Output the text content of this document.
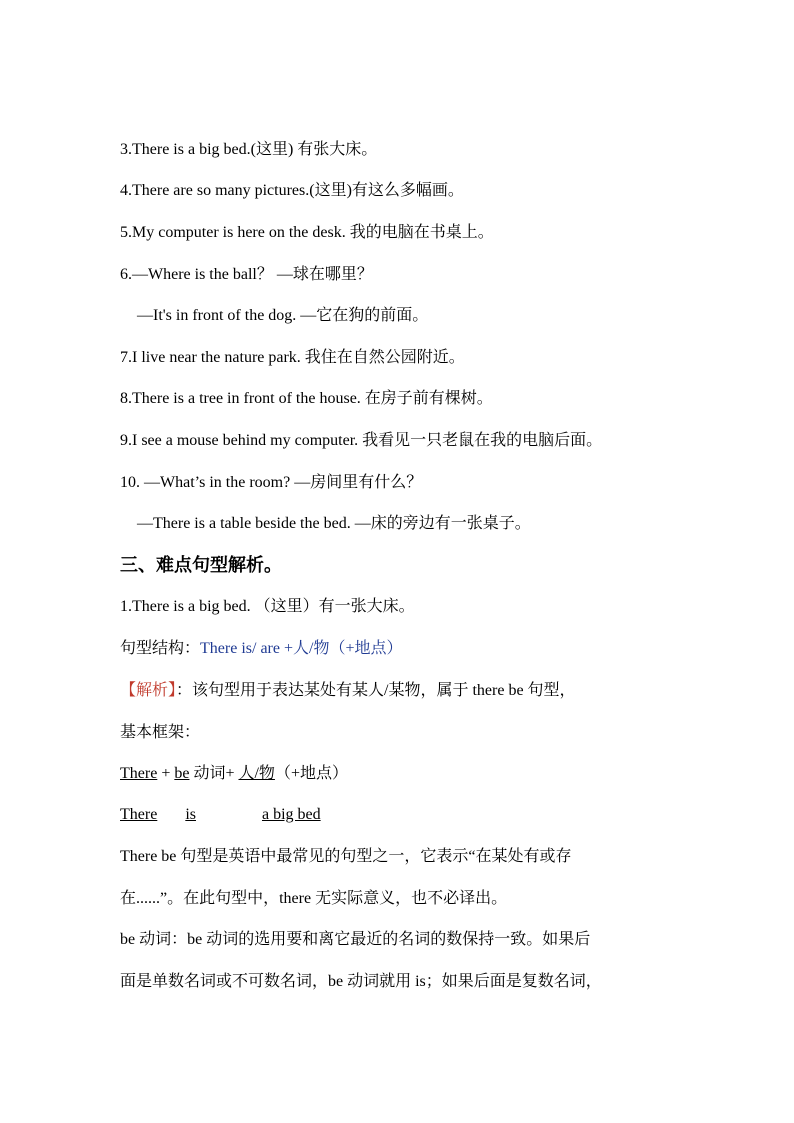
3.There is a big bed.(这里) 有张大床。
4.There are so many pictures.(这里)有这么多幅画。
5.My computer is here on the desk. 我的电脑在书桌上。
6.—Where is the ball？ —球在哪里？
—It's in front of the dog. —它在狗的前面。
7.I live near the nature park. 我住在自然公园附近。
8.There is a tree in front of the house. 在房子前有棵树。
9.I see a mouse behind my computer. 我看见一只老鼠在我的电脑后面。
10. —What’s in the room? —房间里有什么？
—There is a table beside the bed. —床的旁边有一张桌子。
三、难点句型解析。
1.There is a big bed. （这里）有一张大床。
句型结构：There is/ are +人/物（+地点）
【解析】：该句型用于表达某处有某人/某物，属于 there be 句型，
基本框架：
There + be 动词+ 人/物（+地点）
There is	a big bed
There be 句型是英语中最常见的句型之一，它表示“在某处有或存
在......”。在此句型中，there 无实际意义，也不必译出。
be 动词：be 动词的选用要和离它最近的名词的数保持一致。如果后
面是单数名词或不可数名词，be 动词就用 is；如果后面是复数名词，
